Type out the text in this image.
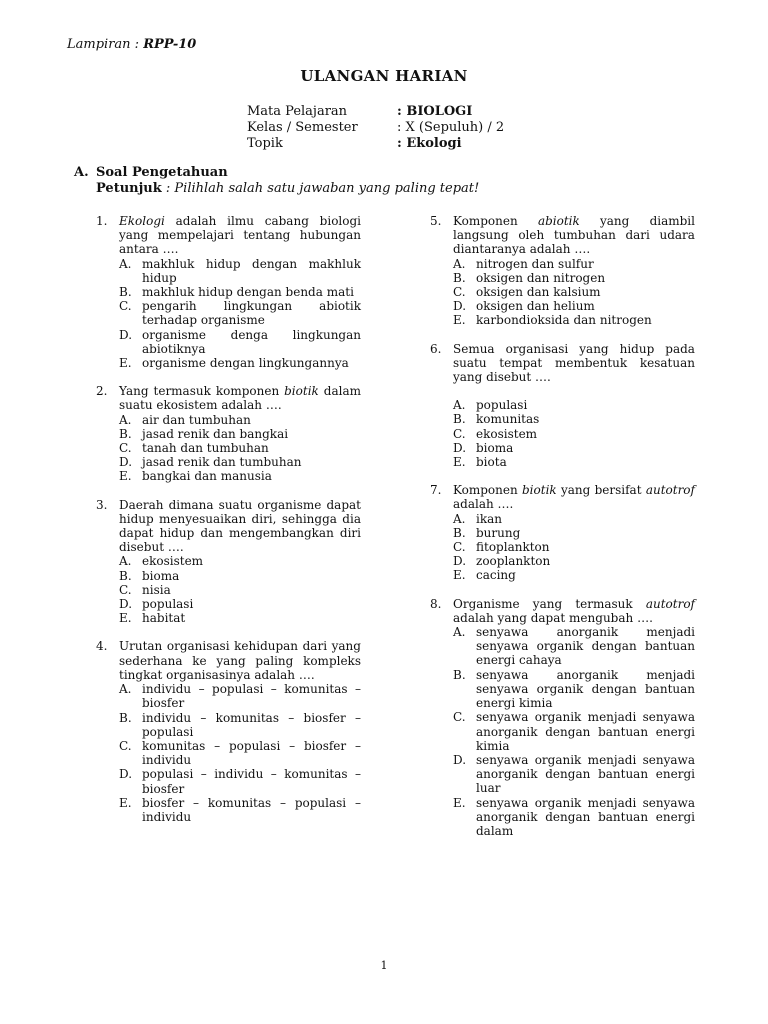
Lampiran : RPP-10
ULANGAN HARIAN
Mata Pelajaran	: BIOLOGI
Kelas / Semester	: X (Sepuluh) / 2
Topik	: Ekologi
A. Soal Pengetahuan
Petunjuk : Pilihlah salah satu jawaban yang paling tepat!
1. Ekologi adalah ilmu cabang biologi yang mempelajari tentang hubungan antara ….
A. makhluk hidup dengan makhluk hidup
B. makhluk hidup dengan benda mati
C. pengarih lingkungan abiotik terhadap organisme
D. organisme denga lingkungan abiotiknya
E. organisme dengan lingkungannya
2. Yang termasuk komponen biotik dalam suatu ekosistem adalah ….
A. air dan tumbuhan
B. jasad renik dan bangkai
C. tanah dan tumbuhan
D. jasad renik dan tumbuhan
E. bangkai dan manusia
3. Daerah dimana suatu organisme dapat hidup menyesuaikan diri, sehingga dia dapat hidup dan mengembangkan diri disebut ….
A. ekosistem
B. bioma
C. nisia
D. populasi
E. habitat
4. Urutan organisasi kehidupan dari yang sederhana ke yang paling kompleks tingkat organisasinya adalah ….
A. individu – populasi – komunitas – biosfer
B. individu – komunitas – biosfer – populasi
C. komunitas – populasi – biosfer – individu
D. populasi – individu – komunitas – biosfer
E. biosfer – komunitas – populasi – individu
5. Komponen abiotik yang diambil langsung oleh tumbuhan dari udara diantaranya adalah ….
A. nitrogen dan sulfur
B. oksigen dan nitrogen
C. oksigen dan kalsium
D. oksigen dan helium
E. karbondioksida dan nitrogen
6. Semua organisasi yang hidup pada suatu tempat membentuk kesatuan yang disebut ….
A. populasi
B. komunitas
C. ekosistem
D. bioma
E. biota
7. Komponen biotik yang bersifat autotrof adalah ….
A. ikan
B. burung
C. fitoplankton
D. zooplankton
E. cacing
8. Organisme yang termasuk autotrof adalah yang dapat mengubah ….
A. senyawa anorganik menjadi senyawa organik dengan bantuan energi cahaya
B. senyawa anorganik menjadi senyawa organik dengan bantuan energi kimia
C. senyawa organik menjadi senyawa anorganik dengan bantuan energi kimia
D. senyawa organik menjadi senyawa anorganik dengan bantuan energi luar
E. senyawa organik menjadi senyawa anorganik dengan bantuan energi dalam
1
